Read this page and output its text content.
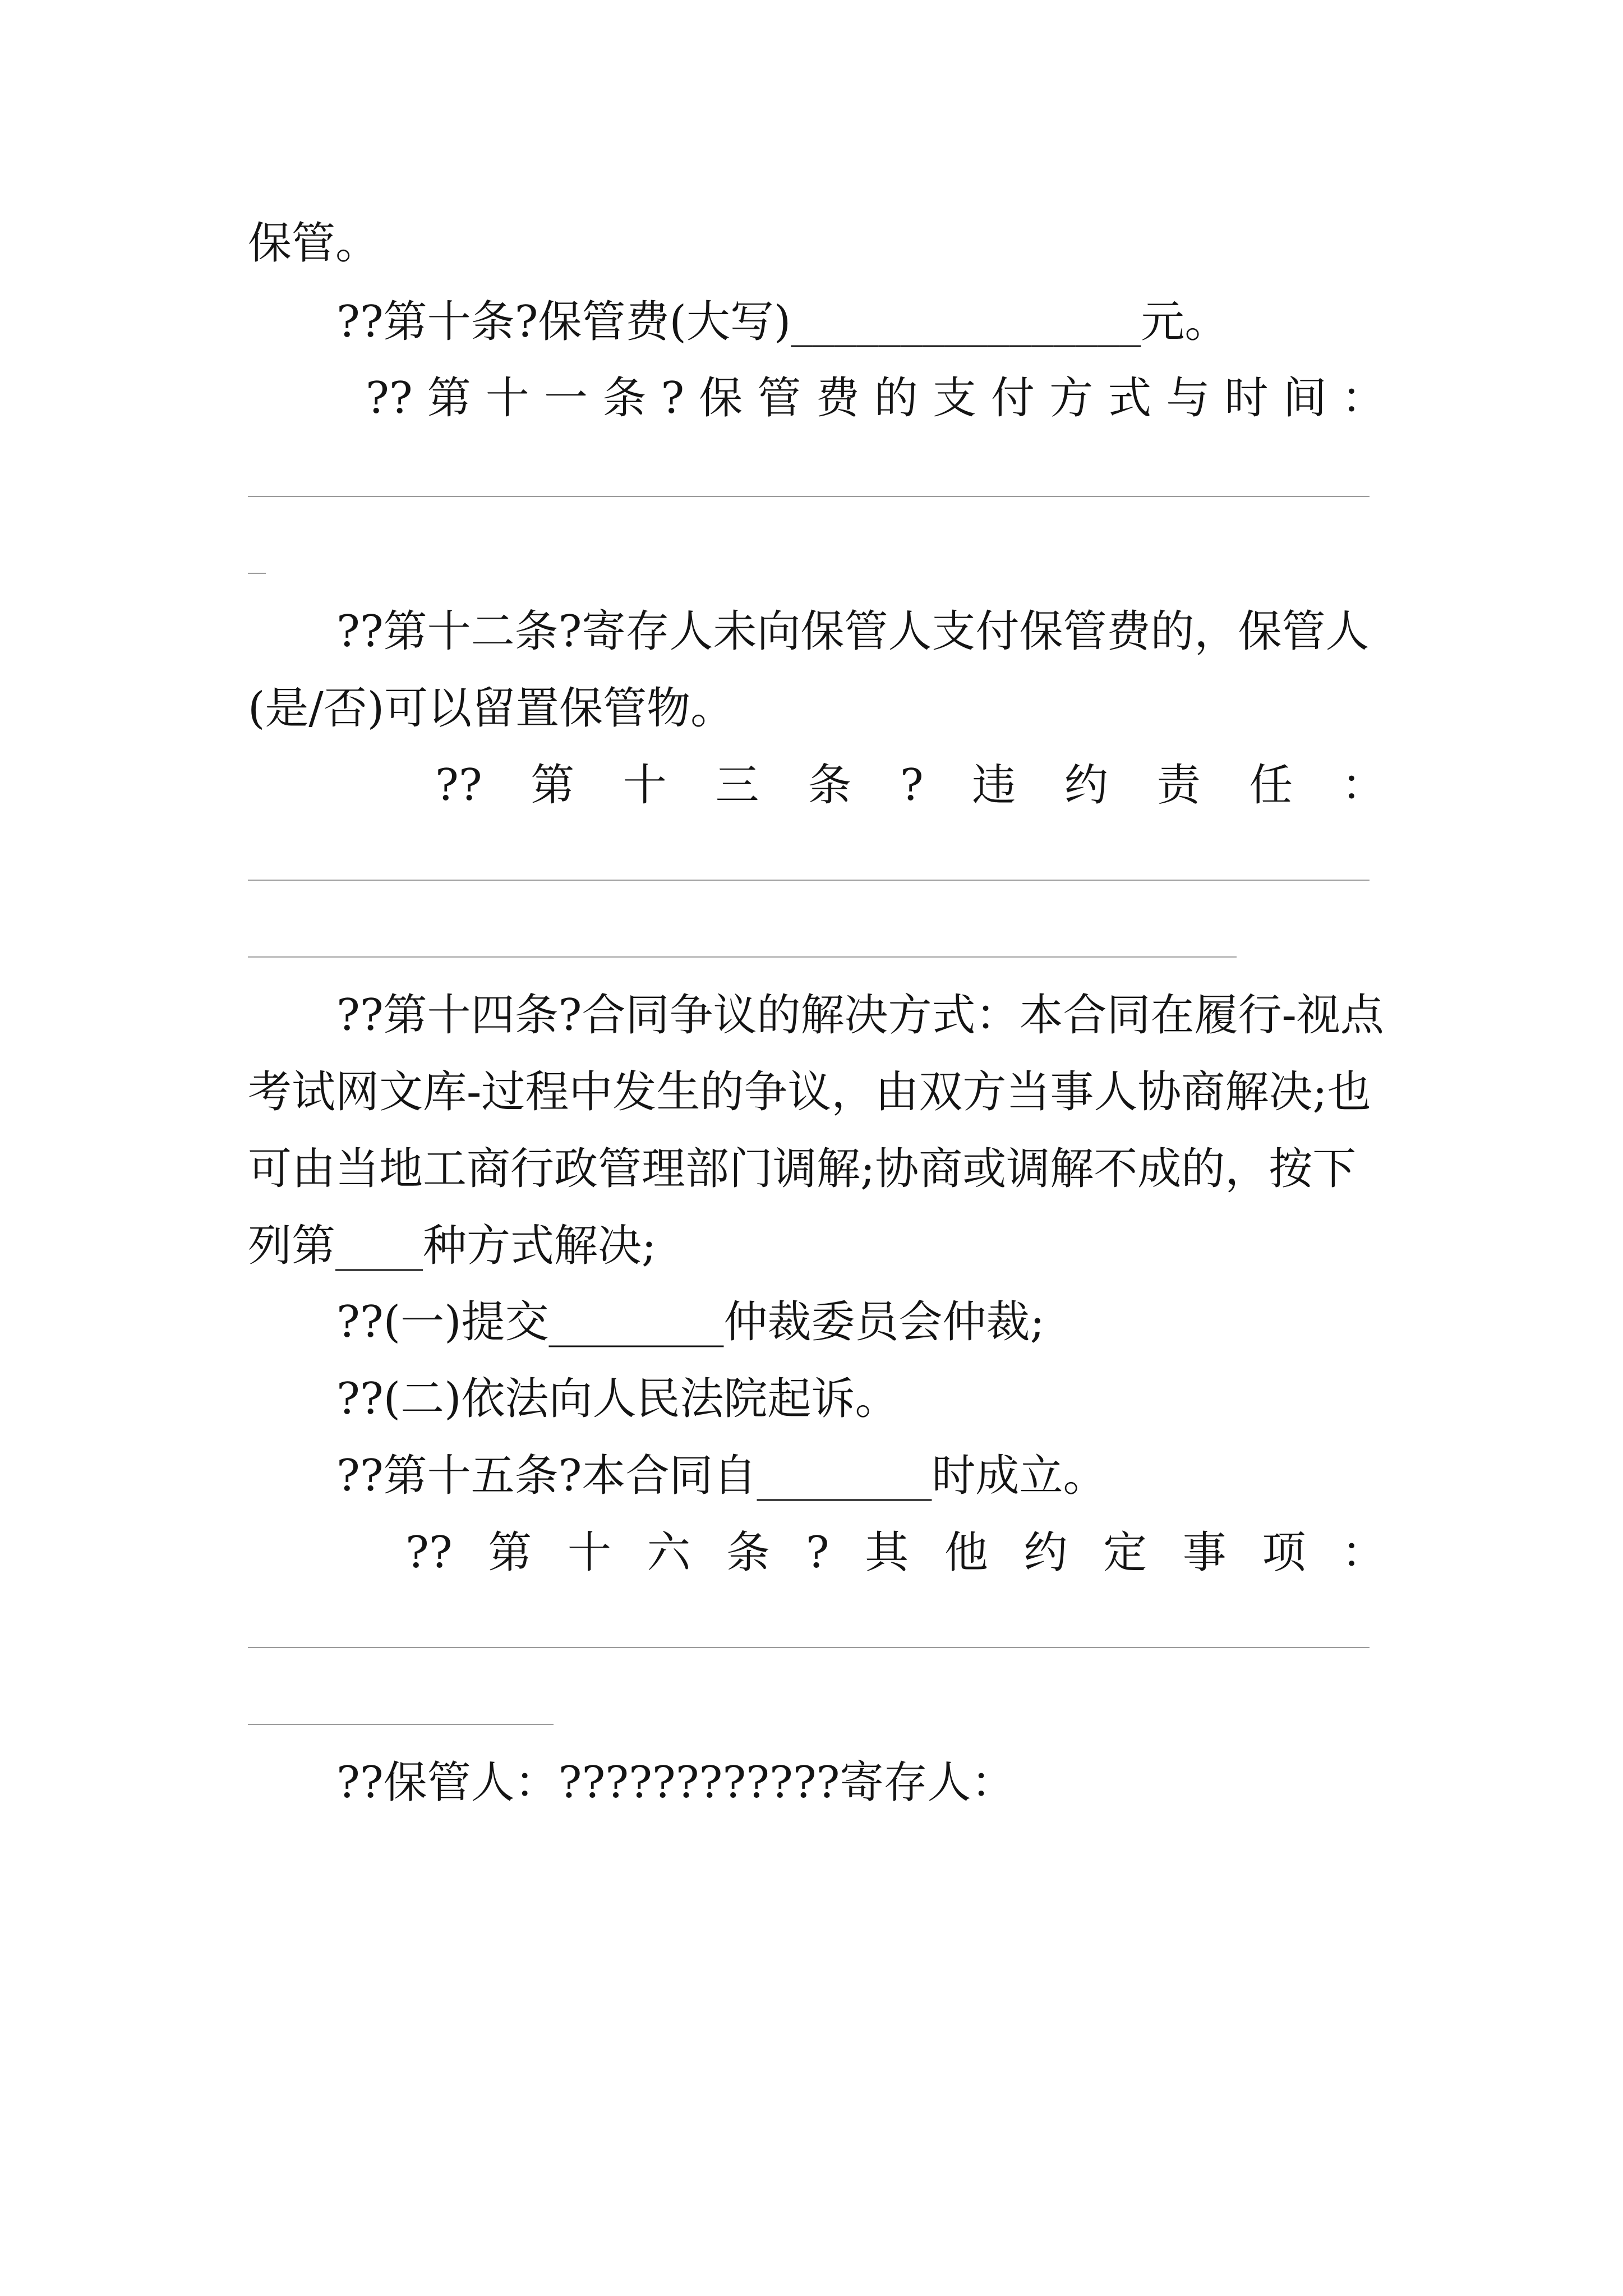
保管。
??第十条?保管费(大写)________________元。
?? 第 十 一 条 ? 保 管 费 的 支 付 方 式 与 时 间 ：
??第十二条?寄存人未向保管人支付保管费的，保管人
(是/否)可以留置保管物。
?? 第 十 三 条 ? 违 约 责 任 ：
??第十四条?合同争议的解决方式：本合同在履行-视点
考试网文库-过程中发生的争议，由双方当事人协商解决;也
可由当地工商行政管理部门调解;协商或调解不成的，按下
列第____种方式解决;
??(一)提交________仲裁委员会仲裁;
??(二)依法向人民法院起诉。
??第十五条?本合同自________时成立。
?? 第 十 六 条 ? 其 他 约 定 事 项 ：
??保管人：????????????寄存人：
